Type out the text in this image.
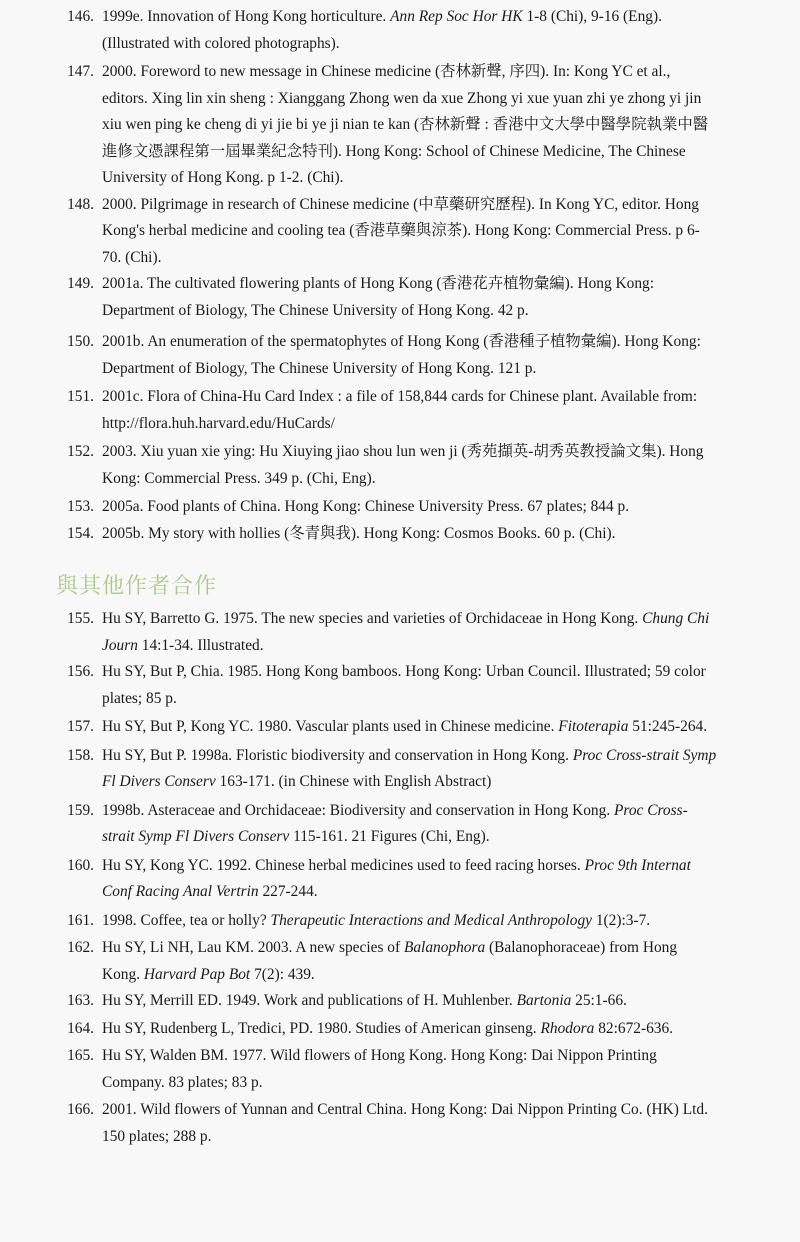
146. 1999e. Innovation of Hong Kong horticulture. Ann Rep Soc Hor HK 1-8 (Chi), 9-16 (Eng). (Illustrated with colored photographs).
147. 2000. Foreword to new message in Chinese medicine (杏林新聲, 序四). In: Kong YC et al., editors. Xing lin xin sheng : Xianggang Zhong wen da xue Zhong yi xue yuan zhi ye zhong yi jin xiu wen ping ke cheng di yi jie bi ye ji nian te kan (杏林新聲 : 香港中文大學中醫學院執業中醫進修文憑課程第一屆畢業紀念特刊). Hong Kong: School of Chinese Medicine, The Chinese University of Hong Kong. p 1-2. (Chi).
148. 2000. Pilgrimage in research of Chinese medicine (中草藥研究歷程). In Kong YC, editor. Hong Kong's herbal medicine and cooling tea (香港草藥與涼茶). Hong Kong: Commercial Press. p 6-70. (Chi).
149. 2001a. The cultivated flowering plants of Hong Kong (香港花卉植物彙編). Hong Kong: Department of Biology, The Chinese University of Hong Kong. 42 p.
150. 2001b. An enumeration of the spermatophytes of Hong Kong (香港種子植物彙編). Hong Kong: Department of Biology, The Chinese University of Hong Kong. 121 p.
151. 2001c. Flora of China-Hu Card Index : a file of 158,844 cards for Chinese plant. Available from: http://flora.huh.harvard.edu/HuCards/
152. 2003. Xiu yuan xie ying: Hu Xiuying jiao shou lun wen ji (秀苑擷英-胡秀英教授論文集). Hong Kong: Commercial Press. 349 p. (Chi, Eng).
153. 2005a. Food plants of China. Hong Kong: Chinese University Press. 67 plates; 844 p.
154. 2005b. My story with hollies (冬青與我). Hong Kong: Cosmos Books. 60 p. (Chi).
與其他作者合作
155. Hu SY, Barretto G. 1975. The new species and varieties of Orchidaceae in Hong Kong. Chung Chi Journ 14:1-34. Illustrated.
156. Hu SY, But P, Chia. 1985. Hong Kong bamboos. Hong Kong: Urban Council. Illustrated; 59 color plates; 85 p.
157. Hu SY, But P, Kong YC. 1980. Vascular plants used in Chinese medicine. Fitoterapia 51:245-264.
158. Hu SY, But P. 1998a. Floristic biodiversity and conservation in Hong Kong. Proc Cross-strait Symp Fl Divers Conserv 163-171. (in Chinese with English Abstract)
159. 1998b. Asteraceae and Orchidaceae: Biodiversity and conservation in Hong Kong. Proc Cross-strait Symp Fl Divers Conserv 115-161. 21 Figures (Chi, Eng).
160. Hu SY, Kong YC. 1992. Chinese herbal medicines used to feed racing horses. Proc 9th Internat Conf Racing Anal Vertrin 227-244.
161. 1998. Coffee, tea or holly? Therapeutic Interactions and Medical Anthropology 1(2):3-7.
162. Hu SY, Li NH, Lau KM. 2003. A new species of Balanophora (Balanophoraceae) from Hong Kong. Harvard Pap Bot 7(2): 439.
163. Hu SY, Merrill ED. 1949. Work and publications of H. Muhlenber. Bartonia 25:1-66.
164. Hu SY, Rudenberg L, Tredici, PD. 1980. Studies of American ginseng. Rhodora 82:672-636.
165. Hu SY, Walden BM. 1977. Wild flowers of Hong Kong. Hong Kong: Dai Nippon Printing Company. 83 plates; 83 p.
166. 2001. Wild flowers of Yunnan and Central China. Hong Kong: Dai Nippon Printing Co. (HK) Ltd. 150 plates; 288 p.
